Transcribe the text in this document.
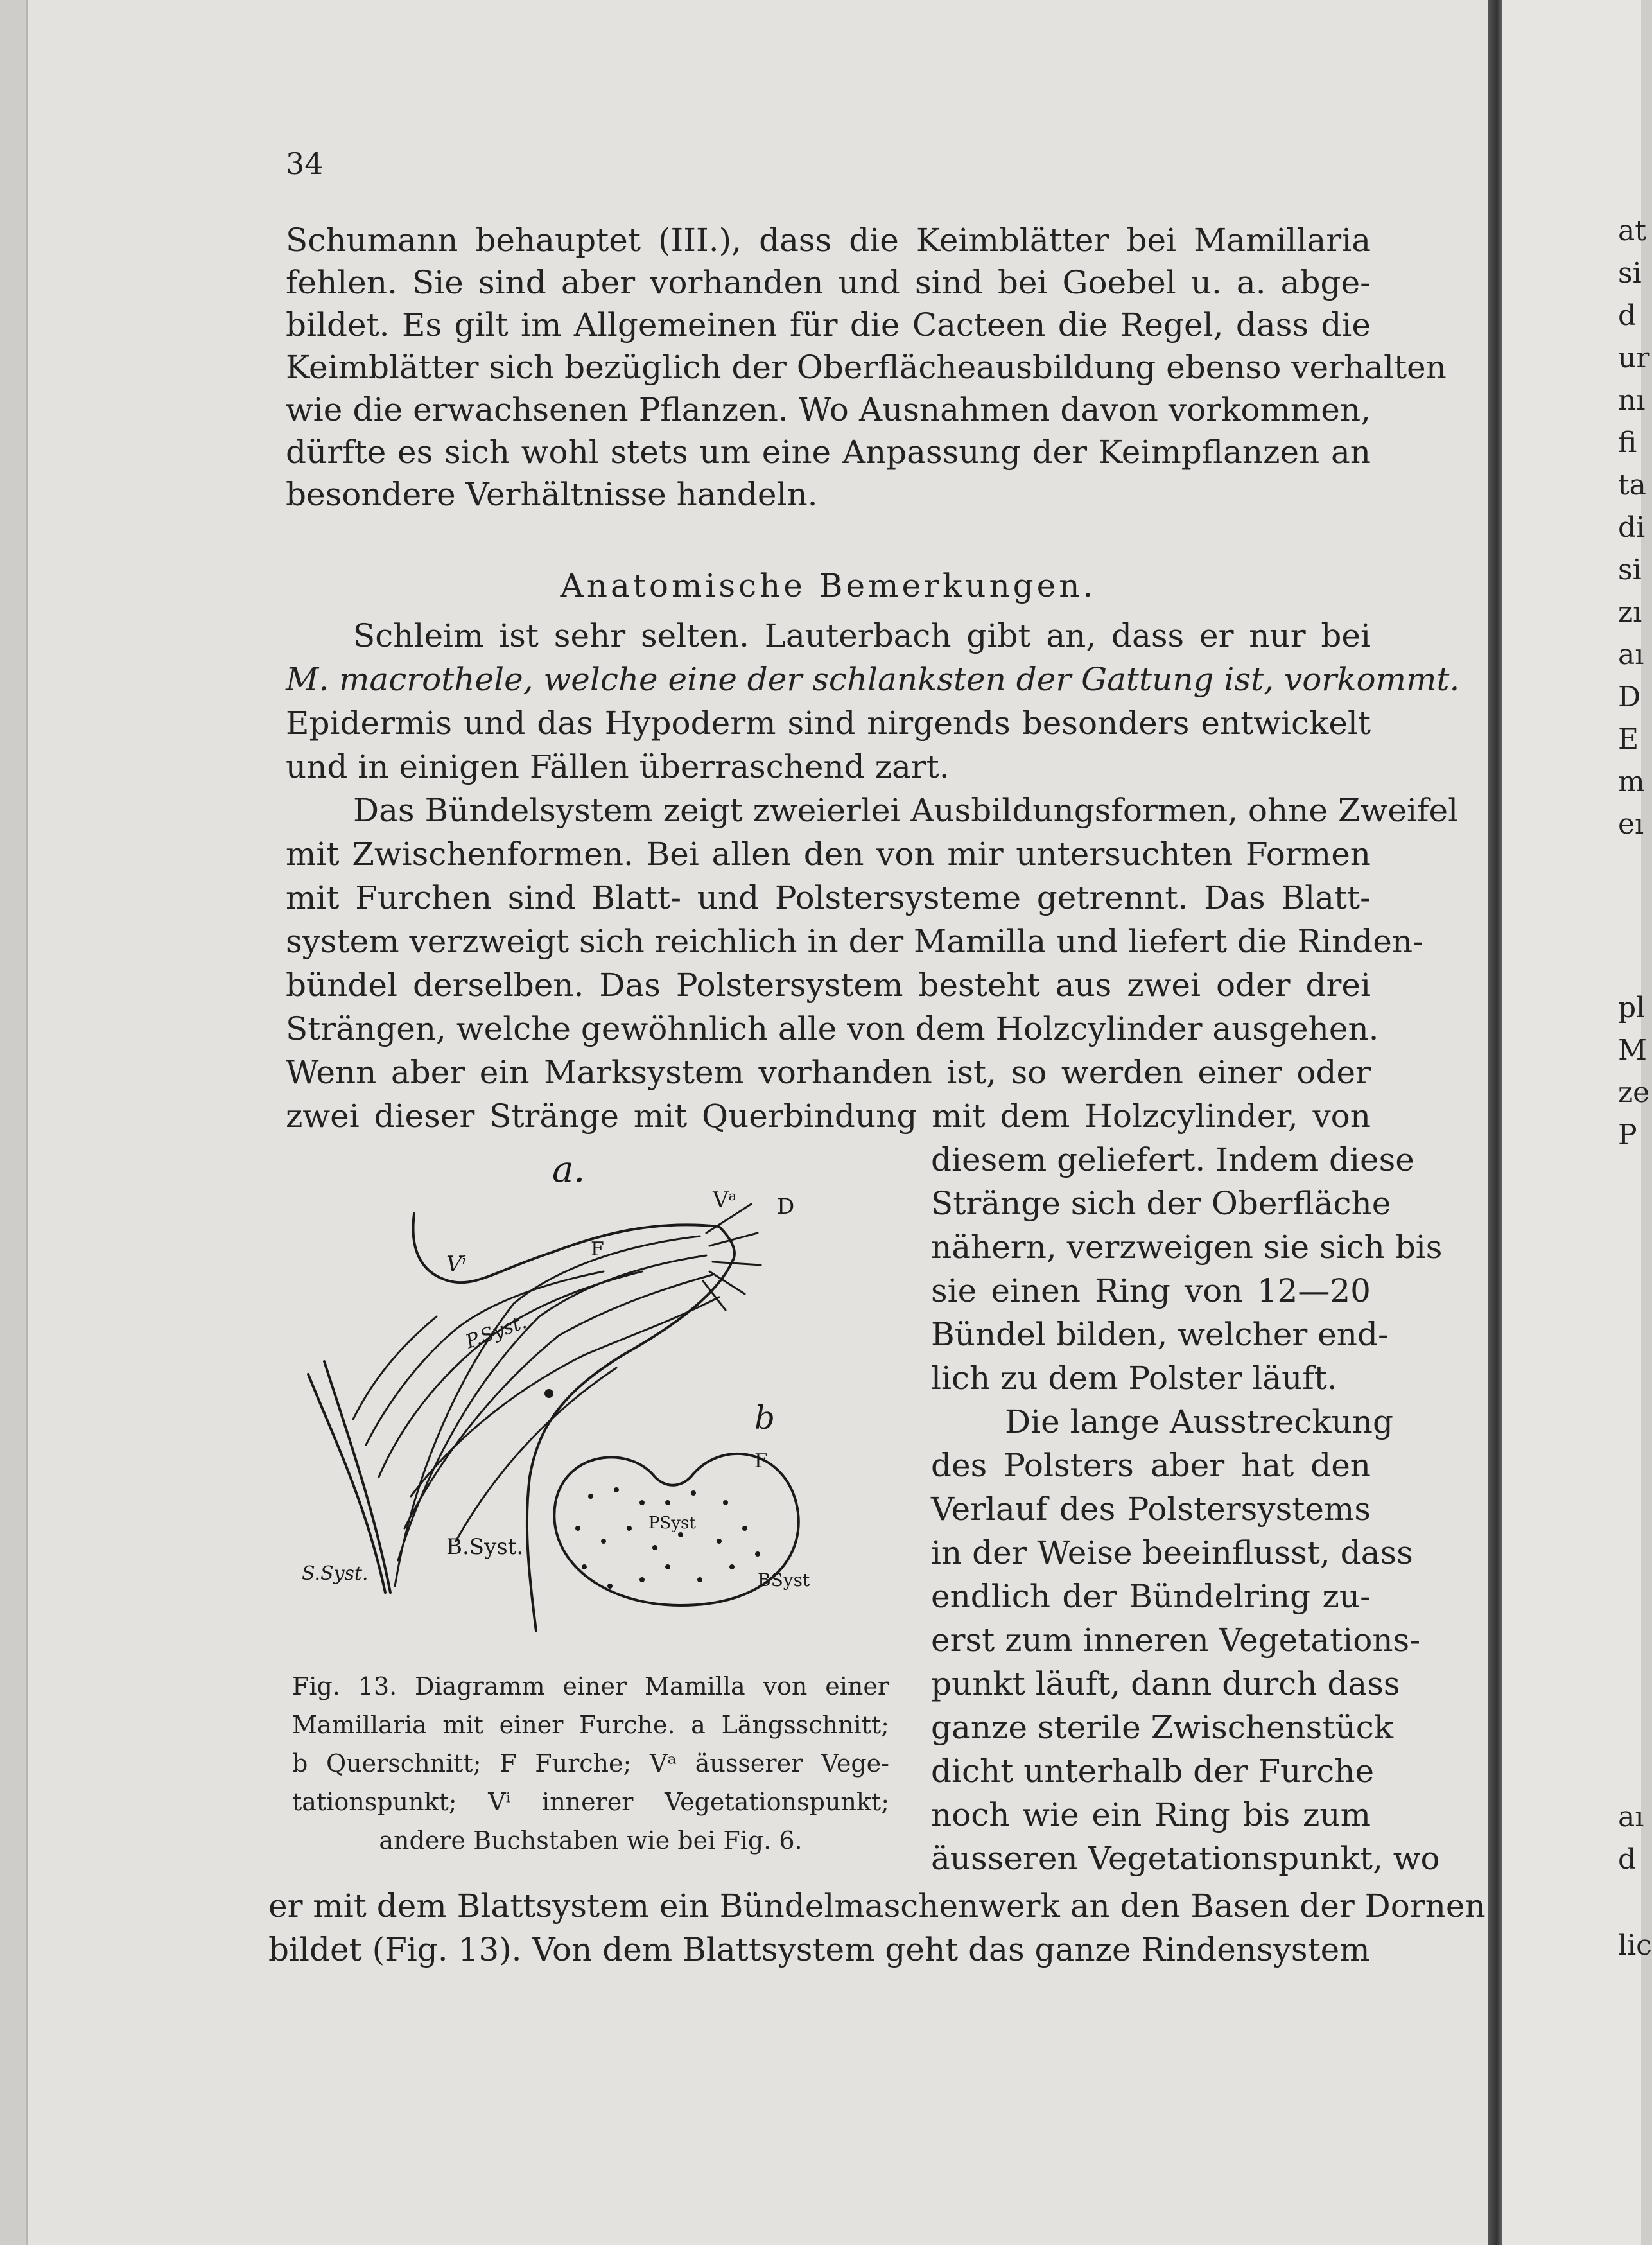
34
Schumann behauptet (III.), dass die Keimblätter bei Mamillaria
fehlen. Sie sind aber vorhanden und sind bei Goebel u. a. abge-
bildet. Es gilt im Allgemeinen für die Cacteen die Regel, dass die
Keimblätter sich bezüglich der Oberflächeausbildung ebenso verhalten
wie die erwachsenen Pflanzen. Wo Ausnahmen davon vorkommen,
dürfte es sich wohl stets um eine Anpassung der Keimpflanzen an
besondere Verhältnisse handeln.
Anatomische Bemerkungen.
Schleim ist sehr selten. Lauterbach gibt an, dass er nur bei
M. macrothele, welche eine der schlanksten der Gattung ist, vorkommt.
Epidermis und das Hypoderm sind nirgends besonders entwickelt
und in einigen Fällen überraschend zart.
Das Bündelsystem zeigt zweierlei Ausbildungsformen, ohne Zweifel
mit Zwischenformen. Bei allen den von mir untersuchten Formen
mit Furchen sind Blatt- und Polstersysteme getrennt. Das Blatt-
system verzweigt sich reichlich in der Mamilla und liefert die Rinden-
bündel derselben. Das Polstersystem besteht aus zwei oder drei
Strängen, welche gewöhnlich alle von dem Holzcylinder ausgehen.
Wenn aber ein Marksystem vorhanden ist, so werden einer oder
zwei dieser Stränge mit Querbindung mit dem Holzcylinder, von
diesem geliefert. Indem diese
Stränge sich der Oberfläche
nähern, verzweigen sie sich bis
sie einen Ring von 12—20
Bündel bilden, welcher end-
lich zu dem Polster läuft.
Die lange Ausstreckung
des Polsters aber hat den
Verlauf des Polstersystems
in der Weise beeinflusst, dass
endlich der Bündelring zu-
erst zum inneren Vegetations-
punkt läuft, dann durch dass
ganze sterile Zwischenstück
dicht unterhalb der Furche
noch wie ein Ring bis zum
äusseren Vegetationspunkt, wo
er mit dem Blattsystem ein Bündelmaschenwerk an den Basen der Dornen
bildet (Fig. 13). Von dem Blattsystem geht das ganze Rindensystem
a.
Vᵃ D
Vⁱ
F
P.Syst.
B.Syst.
S.Syst.
b
F
PSyst
BSyst
Fig. 13. Diagramm einer Mamilla von einer
Mamillaria mit einer Furche. a Längsschnitt;
b Querschnitt; F Furche; Vᵃ äusserer Vege-
tationspunkt; Vⁱ innerer Vegetationspunkt;
andere Buchstaben wie bei Fig. 6.
at
si
d
ur
nı
fi
ta
di
si
zı
aı
D
E
m
eı
pl
M
ze
P
aı
d
lic
